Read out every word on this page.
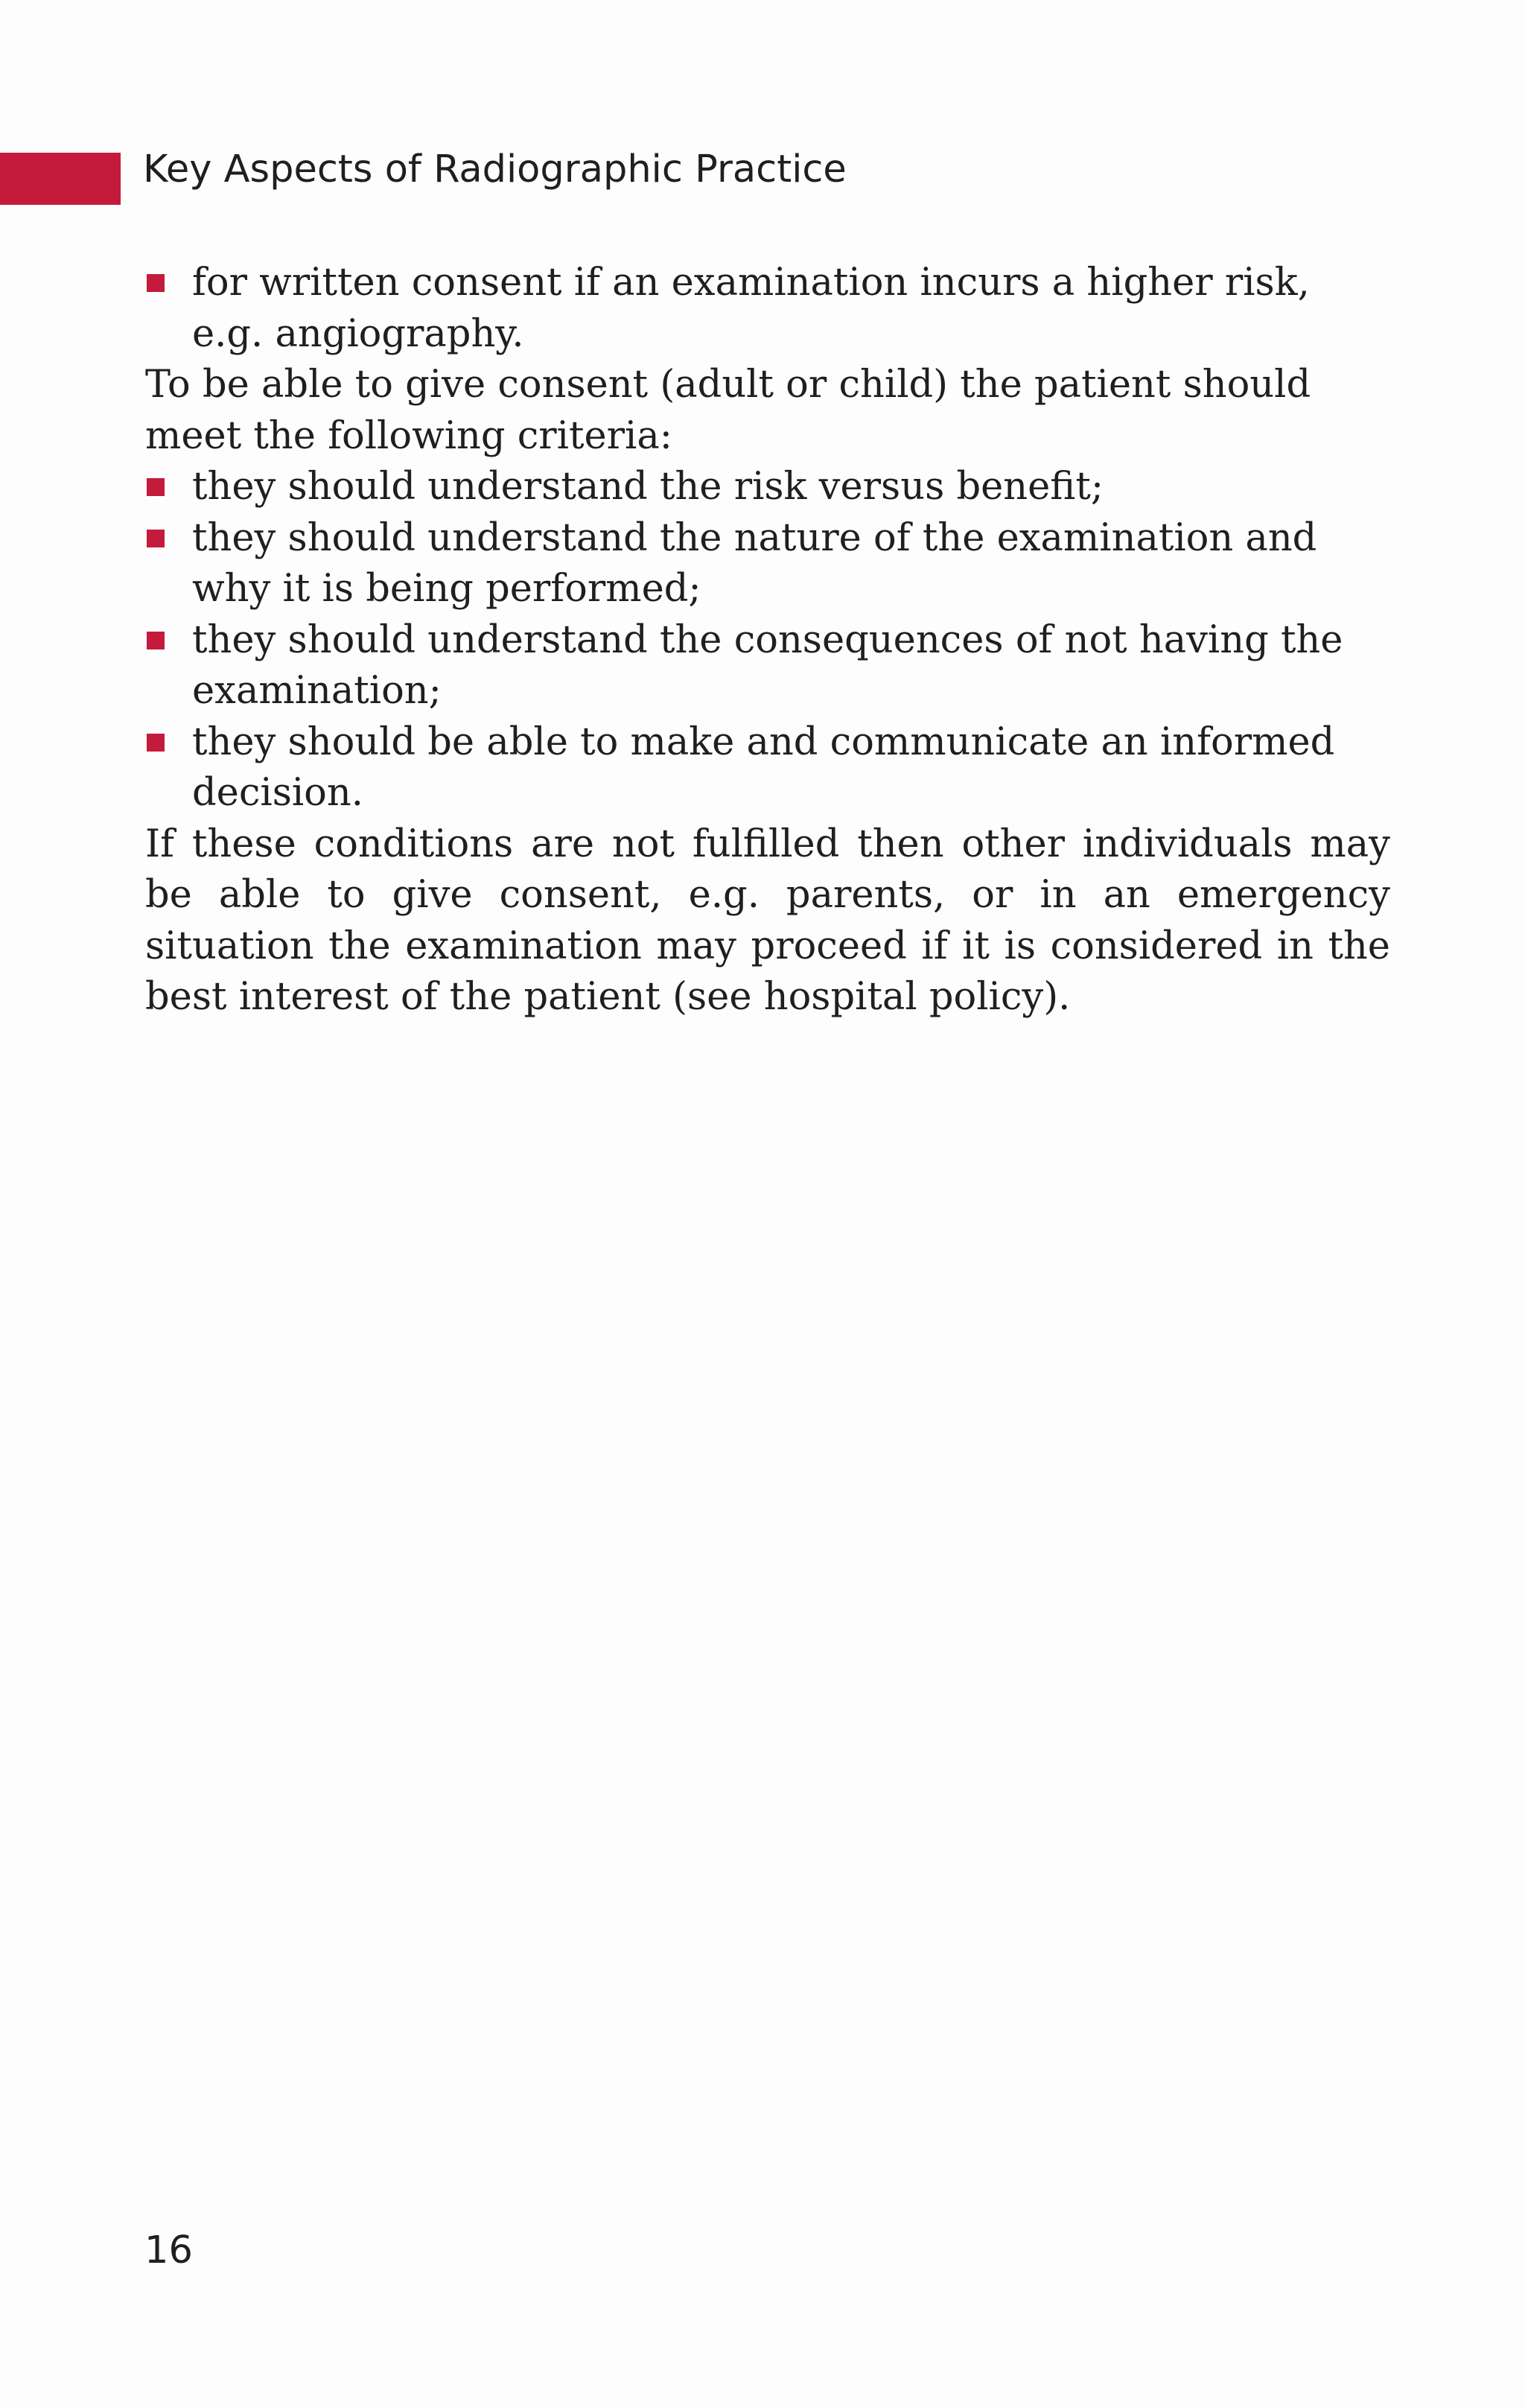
Key Aspects of Radiographic Practice
for written consent if an examination incurs a higher risk, e.g. angiography.

To be able to give consent (adult or child) the patient should meet the following criteria:

they should understand the risk versus benefit;
they should understand the nature of the examination and why it is being performed;
they should understand the consequences of not having the examination;
they should be able to make and communicate an informed decision.

If these conditions are not fulfilled then other individuals may be able to give consent, e.g. parents, or in an emergency situation the examination may proceed if it is considered in the best interest of the patient (see hospital policy).

16
